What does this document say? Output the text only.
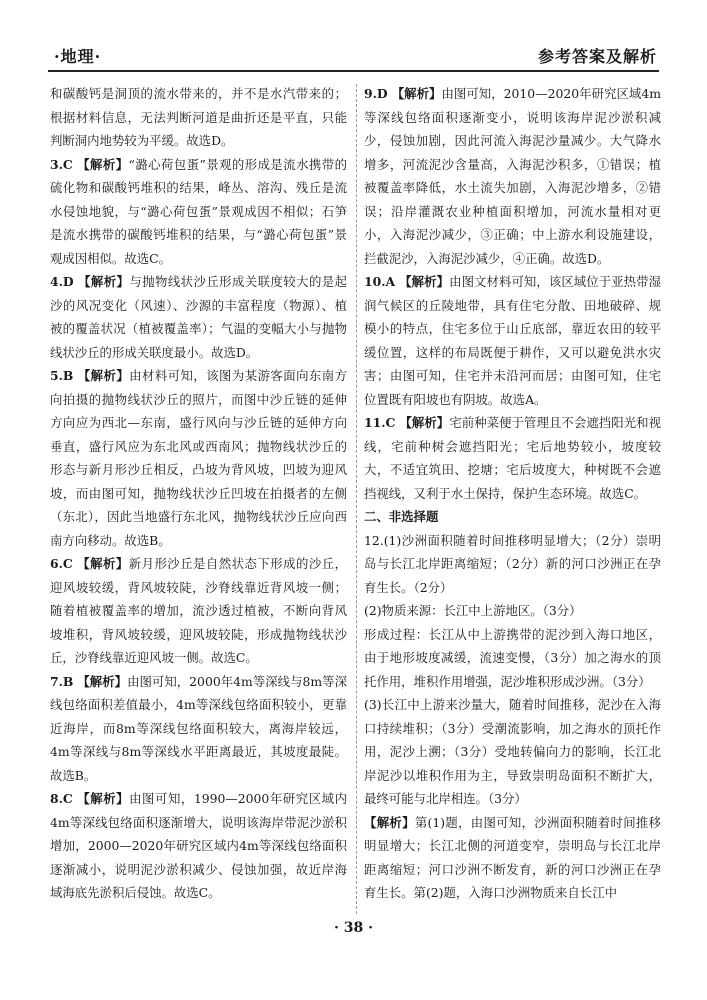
·地理·	参考答案及解析

和碳酸钙是洞顶的流水带来的，并不是水汽带来的；根据材料信息，无法判断河道是曲折还是平直，只能判断洞内地势较为平缓。故选D。

3.C 【解析】“潞心荷包蛋”景观的形成是流水携带的硫化物和碳酸钙堆积的结果，峰丛、溶沟、残丘是流水侵蚀地貌，与“潞心荷包蛋”景观成因不相似；石笋是流水携带的碳酸钙堆积的结果，与“潞心荷包蛋”景观成因相似。故选C。

4.D 【解析】与抛物线状沙丘形成关联度较大的是起沙的风况变化（风速）、沙源的丰富程度（物源）、植被的覆盖状况（植被覆盖率）；气温的变幅大小与抛物线状沙丘的形成关联度最小。故选D。

5.B 【解析】由材料可知，该图为某游客面向东南方向拍摄的抛物线状沙丘的照片，而图中沙丘链的延伸方向应为西北—东南，盛行风向与沙丘链的延伸方向垂直，盛行风应为东北风或西南风；抛物线状沙丘的形态与新月形沙丘相反，凸坡为背风坡，凹坡为迎风坡，而由图可知，抛物线状沙丘凹坡在拍摄者的左侧（东北），因此当地盛行东北风，抛物线状沙丘应向西南方向移动。故选B。

6.C 【解析】新月形沙丘是自然状态下形成的沙丘，迎风坡较缓，背风坡较陡，沙脊线靠近背风坡一侧；随着植被覆盖率的增加，流沙透过植被，不断向背风坡堆积，背风坡较缓，迎风坡较陡，形成抛物线状沙丘，沙脊线靠近迎风坡一侧。故选C。

7.B 【解析】由图可知，2000年4m等深线与8m等深线包络面积差值最小，4m等深线包络面积较小，更靠近海岸，而8m等深线包络面积较大，离海岸较远，4m等深线与8m等深线水平距离最近，其坡度最陡。故选B。

8.C 【解析】由图可知，1990—2000年研究区域内4m等深线包络面积逐渐增大，说明该海岸带泥沙淤积增加，2000—2020年研究区域内4m等深线包络面积逐渐减小，说明泥沙淤积减少、侵蚀加强，故近岸海域海底先淤积后侵蚀。故选C。

9.D 【解析】由图可知，2010—2020年研究区域4m等深线包络面积逐渐变小，说明该海岸泥沙淤积减少，侵蚀加剧，因此河流入海泥沙量减少。大气降水增多，河流泥沙含量高，入海泥沙积多，①错误；植被覆盖率降低，水土流失加剧，入海泥沙增多，②错误；沿岸灌溉农业种植面积增加，河流水量相对更小，入海泥沙减少，③正确；中上游水利设施建设，拦截泥沙，入海泥沙减少，④正确。故选D。

10.A 【解析】由图文材料可知，该区域位于亚热带湿润气候区的丘陵地带，具有住宅分散、田地破碎、规模小的特点，住宅多位于山丘底部，靠近农田的较平缓位置，这样的布局既便于耕作，又可以避免洪水灾害；由图可知，住宅并未沿河而居；由图可知，住宅位置既有阳坡也有阴坡。故选A。

11.C 【解析】宅前种菜便于管理且不会遮挡阳光和视线，宅前种树会遮挡阳光；宅后地势较小，坡度较大，不适宜筑田、挖塘；宅后坡度大，种树既不会遮挡视线，又利于水土保持，保护生态环境。故选C。

二、非选择题

12.(1)沙洲面积随着时间推移明显增大；（2分）崇明岛与长江北岸距离缩短；（2分）新的河口沙洲正在孕育生长。（2分）

(2)物质来源：长江中上游地区。（3分）

形成过程：长江从中上游携带的泥沙到入海口地区，由于地形坡度减缓，流速变慢，（3分）加之海水的顶托作用，堆积作用增强，泥沙堆积形成沙洲。（3分）

(3)长江中上游来沙量大，随着时间推移，泥沙在入海口持续堆积；（3分）受潮流影响，加之海水的顶托作用，泥沙上溯；（3分）受地转偏向力的影响，长江北岸泥沙以堆积作用为主，导致崇明岛面积不断扩大，最终可能与北岸相连。（3分）

【解析】第(1)题，由图可知，沙洲面积随着时间推移明显增大；长江北侧的河道变窄，崇明岛与长江北岸距离缩短；河口沙洲不断发育，新的河口沙洲正在孕育生长。第(2)题，入海口沙洲物质来自长江中

· 38 ·
